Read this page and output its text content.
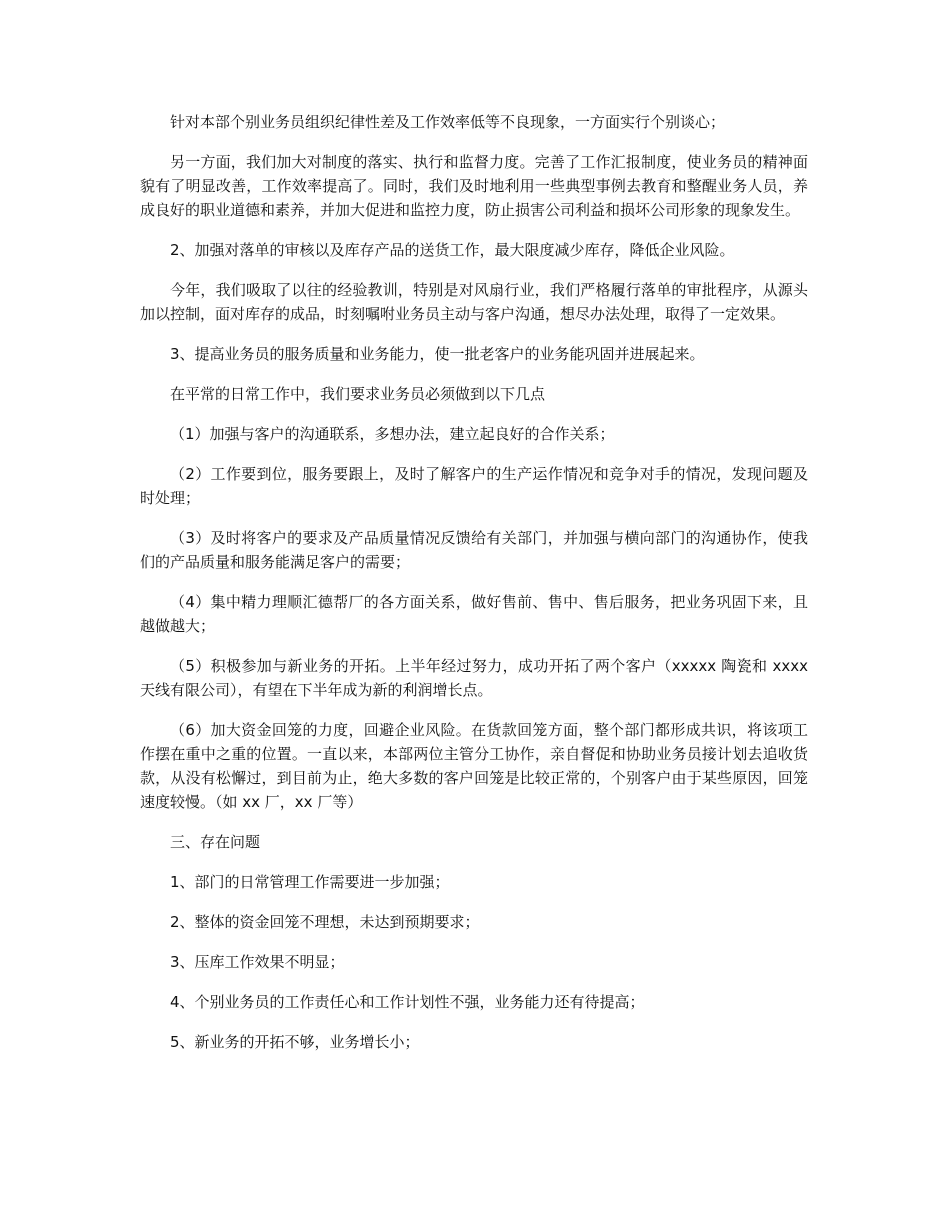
针对本部个别业务员组织纪律性差及工作效率低等不良现象，一方面实行个别谈心；

另一方面，我们加大对制度的落实、执行和监督力度。完善了工作汇报制度，使业务员的精神面貌有了明显改善，工作效率提高了。同时，我们及时地利用一些典型事例去教育和整醒业务人员，养成良好的职业道德和素养，并加大促进和监控力度，防止损害公司利益和损坏公司形象的现象发生。

2、加强对落单的审核以及库存产品的送货工作，最大限度减少库存，降低企业风险。

今年，我们吸取了以往的经验教训，特别是对风扇行业，我们严格履行落单的审批程序，从源头加以控制，面对库存的成品，时刻嘱咐业务员主动与客户沟通，想尽办法处理，取得了一定效果。

3、提高业务员的服务质量和业务能力，使一批老客户的业务能巩固并进展起来。

在平常的日常工作中，我们要求业务员必须做到以下几点

（1）加强与客户的沟通联系，多想办法，建立起良好的合作关系；

（2）工作要到位，服务要跟上，及时了解客户的生产运作情况和竞争对手的情况，发现问题及时处理；

（3）及时将客户的要求及产品质量情况反馈给有关部门，并加强与横向部门的沟通协作，使我们的产品质量和服务能满足客户的需要；

（4）集中精力理顺汇德帮厂的各方面关系，做好售前、售中、售后服务，把业务巩固下来，且越做越大；

（5）积极参加与新业务的开拓。上半年经过努力，成功开拓了两个客户（xxxxx 陶瓷和 xxxx 天线有限公司），有望在下半年成为新的利润增长点。

（6）加大资金回笼的力度，回避企业风险。在货款回笼方面，整个部门都形成共识，将该项工作摆在重中之重的位置。一直以来，本部两位主管分工协作，亲自督促和协助业务员接计划去追收货款，从没有松懈过，到目前为止，绝大多数的客户回笼是比较正常的，个别客户由于某些原因，回笼速度较慢。（如 xx 厂，xx 厂等）

三、存在问题

1、部门的日常管理工作需要进一步加强；

2、整体的资金回笼不理想，未达到预期要求；

3、压库工作效果不明显；

4、个别业务员的工作责任心和工作计划性不强，业务能力还有待提高；

5、新业务的开拓不够，业务增长小；
